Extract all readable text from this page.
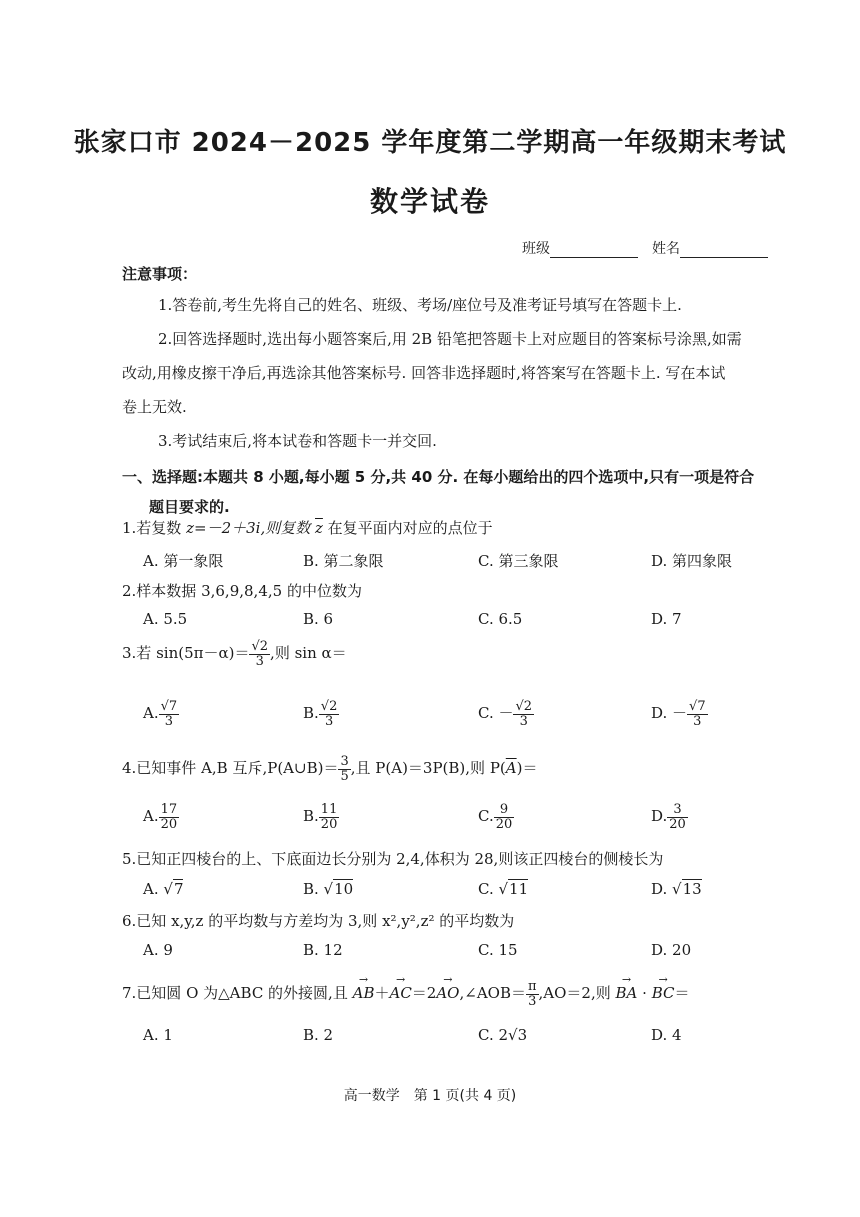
张家口市 2024－2025 学年度第二学期高一年级期末考试
数学试卷
班级	姓名
注意事项：
1.答卷前,考生先将自己的姓名、班级、考场/座位号及准考证号填写在答题卡上.
2.回答选择题时,选出每小题答案后,用 2B 铅笔把答题卡上对应题目的答案标号涂黑,如需
改动,用橡皮擦干净后,再选涂其他答案标号. 回答非选择题时,将答案写在答题卡上. 写在本试
卷上无效.
3.考试结束后,将本试卷和答题卡一并交回.
一、选择题:本题共 8 小题,每小题 5 分,共 40 分. 在每小题给出的四个选项中,只有一项是符合
题目要求的.
1.若复数 z=－2＋3i,则复数 $\overline{z}$ 在复平面内对应的点位于
A. 第一象限	B. 第二象限	C. 第三象限	D. 第四象限
2.样本数据 3,6,9,8,4,5 的中位数为
A. 5.5	B. 6	C. 6.5	D. 7
3.若 $\sin(5\pi-\alpha)= \frac{√2}{3}$ ,则 sin α＝
A. $\frac{√7}{3}$	B. $\frac{√2}{3}$	C. － $\frac{√2}{3}$	D. － $\frac{√7}{3}$
4.已知事件 A,B 互斥,P(A∪B)＝ $\frac{3}{5}$ ,且 P(A)＝3P(B),则 $P(\overline{A})=$
A. $\frac{17}{20}$	B. $\frac{11}{20}$	C. $\frac{9}{20}$	D. $\frac{3}{20}$
5.已知正四棱台的上、下底面边长分别为 2,4,体积为 28,则该正四棱台的侧棱长为
A. √7	B. √10	C. √11	D. √13
6.已知 x,y,z 的平均数与方差均为 3,则 x²,y²,z² 的平均数为
A. 9	B. 12	C. 15	D. 20
7.已知圆 O 为△ABC 的外接圆,且 → AB＋→ AC＝2→ AO,∠AOB＝ $\frac{\pi}{3} ,AO=2$,则 → BA · → BC＝
A. 1	B. 2	C. 2√3	D. 4
高一数学　第 1 页(共 4 页)
